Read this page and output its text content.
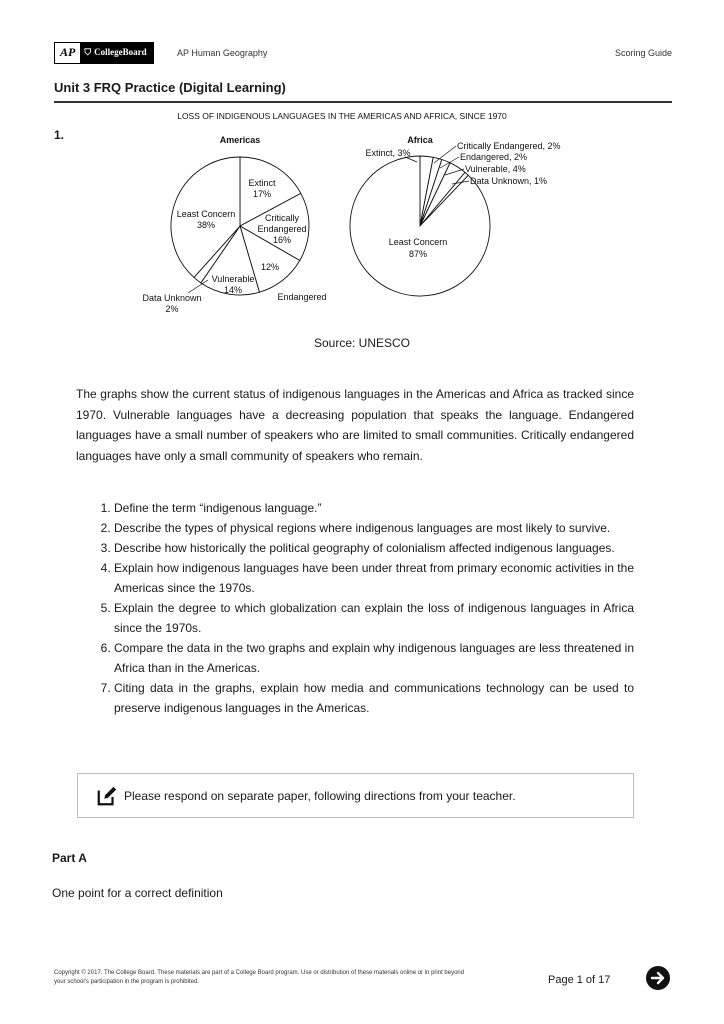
AP	⛉ CollegeBoard	AP Human Geography	Scoring Guide
Unit 3 FRQ Practice (Digital Learning)
1.
LOSS OF INDIGENOUS LANGUAGES IN THE AMERICAS AND AFRICA, SINCE 1970
Americas
Extinct
17%
Critically
Endangered
16%
12%
Endangered
Vulnerable
14%
Data Unknown
2%
Least Concern
38%
Africa
Extinct, 3%
Critically Endangered, 2%
Endangered, 2%
Vulnerable, 4%
Data Unknown, 1%
Least Concern
87%
Source: UNESCO

The graphs show the current status of indigenous languages in the Americas and Africa as tracked since 1970. Vulnerable languages have a decreasing population that speaks the language. Endangered languages have a small number of speakers who are limited to small communities. Critically endangered languages have only a small community of speakers who remain.

1. Define the term “indigenous language.”
2. Describe the types of physical regions where indigenous languages are most likely to survive.
3. Describe how historically the political geography of colonialism affected indigenous languages.
4. Explain how indigenous languages have been under threat from primary economic activities in the Americas since the 1970s.
5. Explain the degree to which globalization can explain the loss of indigenous languages in Africa since the 1970s.
6. Compare the data in the two graphs and explain why indigenous languages are less threatened in Africa than in the Americas.
7. Citing data in the graphs, explain how media and communications technology can be used to preserve indigenous languages in the Americas.
Please respond on separate paper, following directions from your teacher.
Part A
One point for a correct definition
Copyright © 2017. The College Board. These materials are part of a College Board program. Use or distribution of these materials online or in print beyond your school’s participation in the program is prohibited.	Page 1 of 17
